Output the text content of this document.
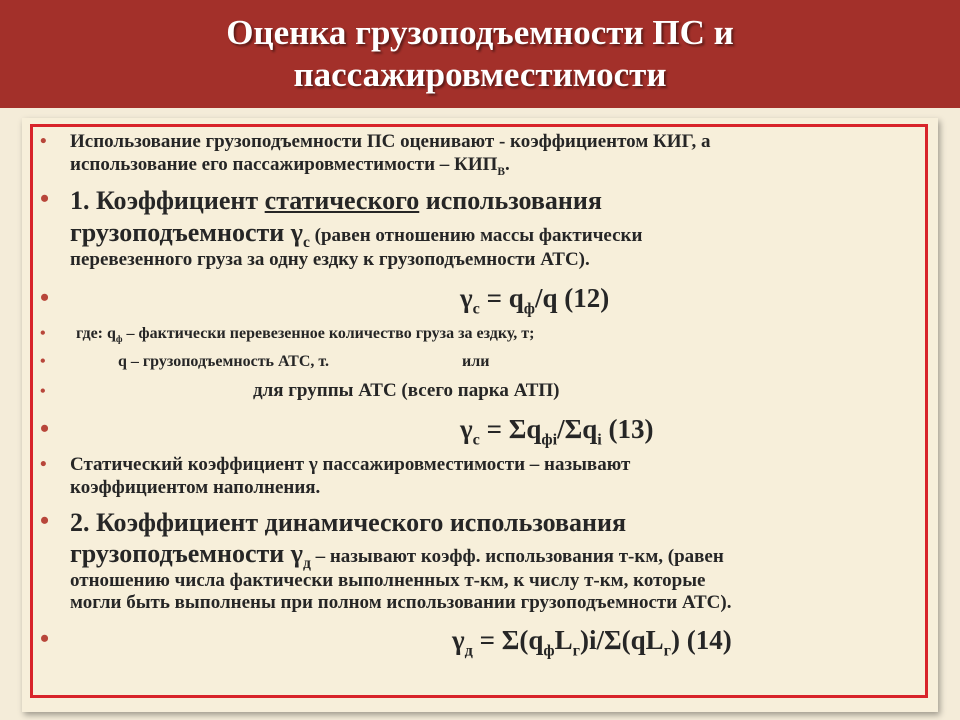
Оценка грузоподъемности ПС и
пассажировместимости
• Использование грузоподъемности ПС оценивают - коэффициентом КИГ, а
использование его пассажировместимости – $КИП_В$.
• 1. Коэффициент статического использования
грузоподъемности $\gamma_c$ (равен отношению массы фактически
перевезенного груза за одну ездку к грузоподъемности АТС).
•	$\gamma_c = q_ф/q$ (12)
• где: $q_ф$ – фактически перевезенное количество груза за ездку, т;
•	q – грузоподъемность АТС, т.	или
•	для группы АТС (всего парка АТП)
•	$\gamma_c = \Sigma q_{фi}/\Sigma q_i$ (13)
• Статический коэффициент γ пассажировместимости – называют
коэффициентом наполнения.
• 2. Коэффициент динамического использования
грузоподъемности $\gamma_д$ – называют коэфф. использования т-км, (равен
отношению числа фактически выполненных т-км, к числу т-км, которые
могли быть выполнены при полном использовании грузоподъемности АТС).
•	$\gamma_д = \Sigma(q_фL_г)i/\Sigma(qL_г)$ (14)
